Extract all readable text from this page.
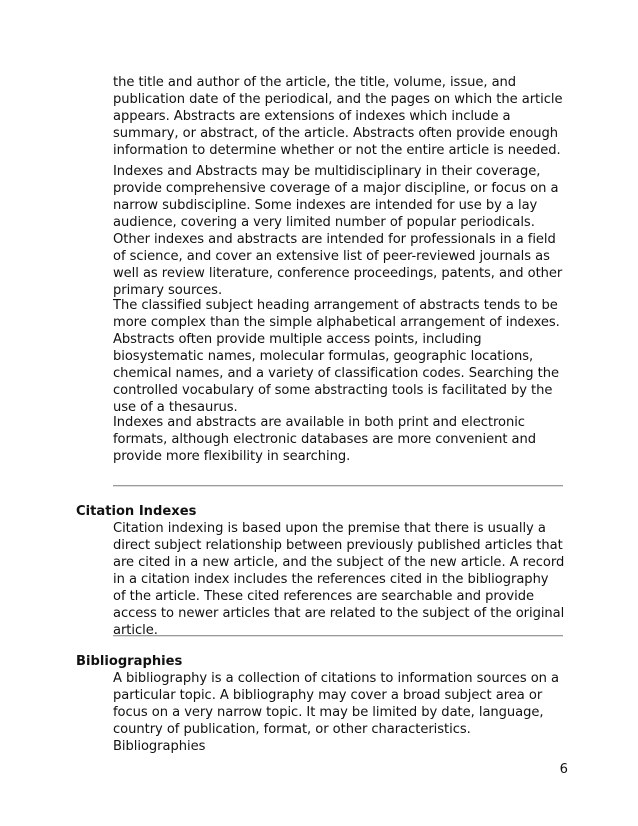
the title and author of the article, the title, volume, issue, and publication date of the periodical, and the pages on which the article appears. Abstracts are extensions of indexes which include a summary, or abstract, of the article. Abstracts often provide enough information to determine whether or not the entire article is needed.

Indexes and Abstracts may be multidisciplinary in their coverage, provide comprehensive coverage of a major discipline, or focus on a narrow subdiscipline. Some indexes are intended for use by a lay audience, covering a very limited number of popular periodicals. Other indexes and abstracts are intended for professionals in a field of science, and cover an extensive list of peer-reviewed journals as well as review literature, conference proceedings, patents, and other primary sources.

The classified subject heading arrangement of abstracts tends to be more complex than the simple alphabetical arrangement of indexes. Abstracts often provide multiple access points, including biosystematic names, molecular formulas, geographic locations, chemical names, and a variety of classification codes. Searching the controlled vocabulary of some abstracting tools is facilitated by the use of a thesaurus.

Indexes and abstracts are available in both print and electronic formats, although electronic databases are more convenient and provide more flexibility in searching.

Citation Indexes

Citation indexing is based upon the premise that there is usually a direct subject relationship between previously published articles that are cited in a new article, and the subject of the new article. A record in a citation index includes the references cited in the bibliography of the article. These cited references are searchable and provide access to newer articles that are related to the subject of the original article.

Bibliographies

A bibliography is a collection of citations to information sources on a particular topic. A bibliography may cover a broad subject area or focus on a very narrow topic. It may be limited by date, language, country of publication, format, or other characteristics. Bibliographies

6
